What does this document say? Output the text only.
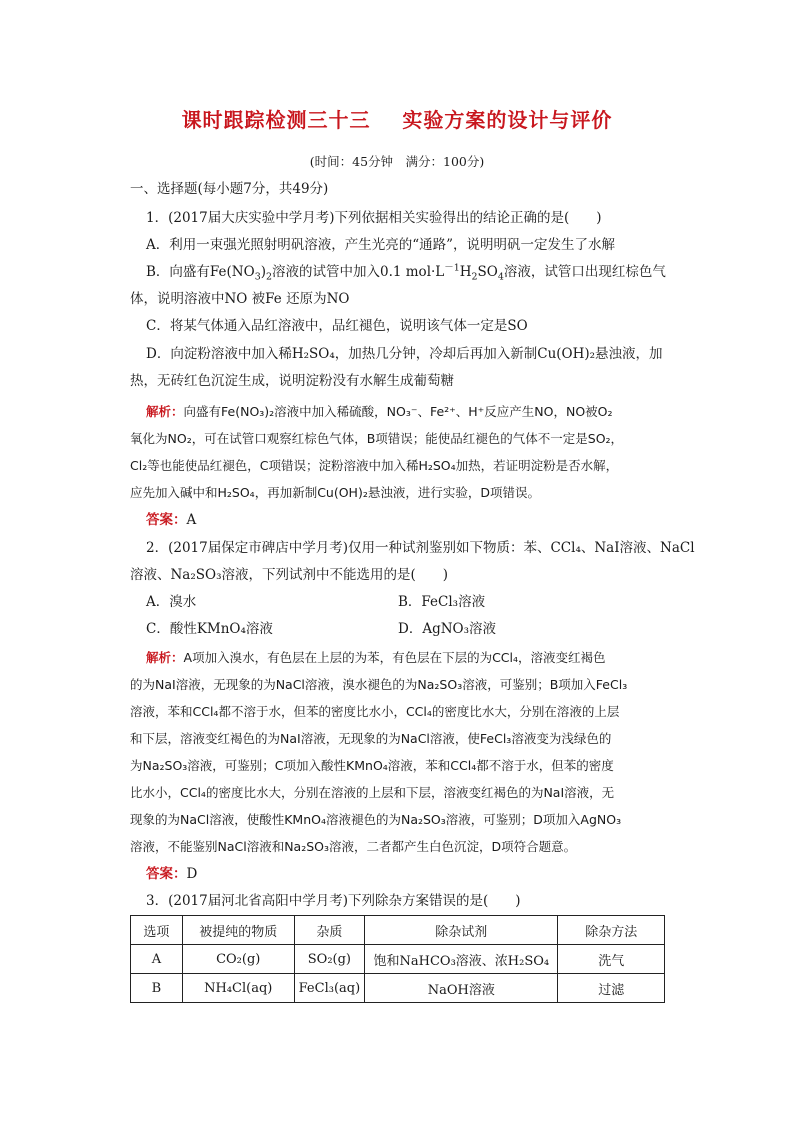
课时跟踪检测三十三 实验方案的设计与评价
(时间：45分钟　满分：100分)
一、选择题(每小题7分，共49分)
1．(2017届大庆实验中学月考)下列依据相关实验得出的结论正确的是(　　)
A．利用一束强光照射明矾溶液，产生光亮的“通路”，说明明矾一定发生了水解
B．向盛有$Fe(NO_3)_2$溶液的试管中加入0.1 $mol\cdot L^{-1}H_2SO_4$溶液，试管口出现红棕色气
体，说明溶液中NO 被Fe 还原为NO
C．将某气体通入品红溶液中，品红褪色，说明该气体一定是SO
D．向淀粉溶液中加入稀H₂SO₄，加热几分钟，冷却后再加入新制Cu(OH)₂悬浊液，加
热，无砖红色沉淀生成，说明淀粉没有水解生成葡萄糖
解析：向盛有Fe(NO₃)₂溶液中加入稀硫酸，NO₃⁻、Fe²⁺、H⁺反应产生NO，NO被O₂
氧化为NO₂，可在试管口观察红棕色气体，B项错误；能使品红褪色的气体不一定是SO₂，
Cl₂等也能使品红褪色，C项错误；淀粉溶液中加入稀H₂SO₄加热，若证明淀粉是否水解，
应先加入碱中和H₂SO₄，再加新制Cu(OH)₂悬浊液，进行实验，D项错误。
答案：A
2．(2017届保定市碑店中学月考)仅用一种试剂鉴别如下物质：苯、CCl₄、NaI溶液、NaCl
溶液、Na₂SO₃溶液，下列试剂中不能选用的是(　　)
A．溴水	B．FeCl₃溶液
C．酸性KMnO₄溶液	D．AgNO₃溶液
解析：A项加入溴水，有色层在上层的为苯，有色层在下层的为CCl₄，溶液变红褐色
的为NaI溶液，无现象的为NaCl溶液，溴水褪色的为Na₂SO₃溶液，可鉴别；B项加入FeCl₃
溶液，苯和CCl₄都不溶于水，但苯的密度比水小，CCl₄的密度比水大，分别在溶液的上层
和下层，溶液变红褐色的为NaI溶液，无现象的为NaCl溶液，使FeCl₃溶液变为浅绿色的
为Na₂SO₃溶液，可鉴别；C项加入酸性KMnO₄溶液，苯和CCl₄都不溶于水，但苯的密度
比水小，CCl₄的密度比水大，分别在溶液的上层和下层，溶液变红褐色的为NaI溶液，无
现象的为NaCl溶液，使酸性KMnO₄溶液褪色的为Na₂SO₃溶液，可鉴别；D项加入AgNO₃
溶液，不能鉴别NaCl溶液和Na₂SO₃溶液，二者都产生白色沉淀，D项符合题意。
答案：D
3．(2017届河北省高阳中学月考)下列除杂方案错误的是(　　)
选项	被提纯的物质	杂质	除杂试剂	除杂方法
A	CO₂(g)	SO₂(g)	饱和NaHCO₃溶液、浓H₂SO₄	洗气
B	NH₄Cl(aq)	FeCl₃(aq)	NaOH溶液	过滤
